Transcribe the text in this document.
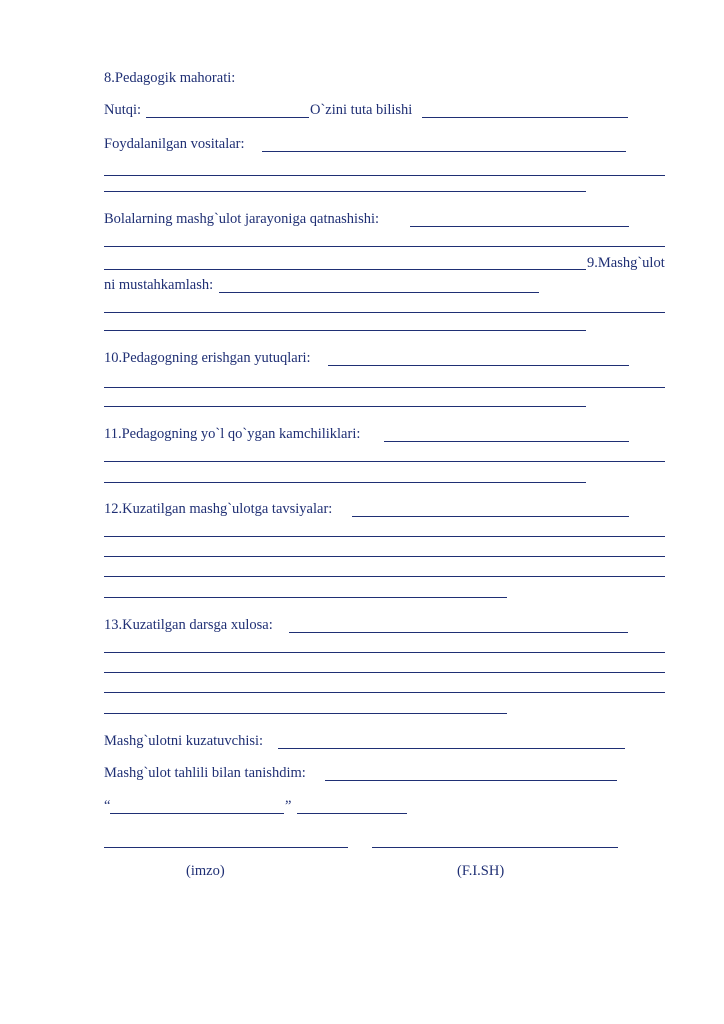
8.Pedagogik mahorati:
Nutqi:	O`zini tuta bilishi
Foydalanilgan vositalar:
Bolalarning mashg`ulot jarayoniga qatnashishi:
9.Mashg`ulot
ni mustahkamlash:
10.Pedagogning erishgan yutuqlari:
11.Pedagogning yo`l qo`ygan kamchiliklari:
12.Kuzatilgan mashg`ulotga tavsiyalar:
13.Kuzatilgan darsga xulosa:
Mashg`ulotni kuzatuvchisi:
Mashg`ulot tahlili bilan tanishdim:
“	”
(imzo)	(F.I.SH)
